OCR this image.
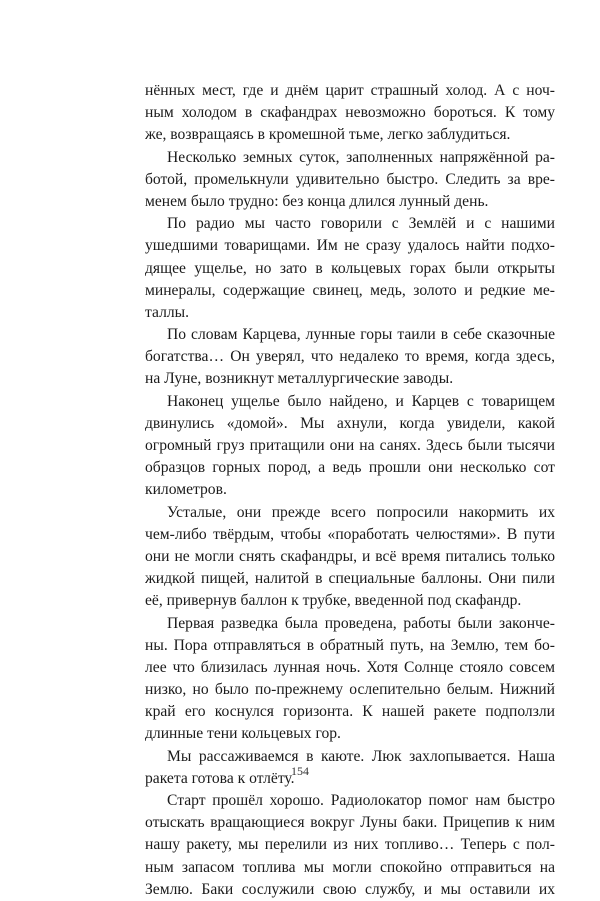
нённых мест, где и днём царит страшный холод. А с ноч-
ным холодом в скафандрах невозможно бороться. К тому
же, возвращаясь в кромешной тьме, легко заблудиться.
Несколько земных суток, заполненных напряжённой ра-
ботой, промелькнули удивительно быстро. Следить за вре-
менем было трудно: без конца длился лунный день.
По радио мы часто говорили с Землёй и с нашими
ушедшими товарищами. Им не сразу удалось найти подхо-
дящее ущелье, но зато в кольцевых горах были открыты
минералы, содержащие свинец, медь, золото и редкие ме-
таллы.
По словам Карцева, лунные горы таили в себе сказочные
богатства… Он уверял, что недалеко то время, когда здесь,
на Луне, возникнут металлургические заводы.
Наконец ущелье было найдено, и Карцев с товарищем
двинулись «домой». Мы ахнули, когда увидели, какой
огромный груз притащили они на санях. Здесь были тысячи
образцов горных пород, а ведь прошли они несколько сот
километров.
Усталые, они прежде всего попросили накормить их
чем-либо твёрдым, чтобы «поработать челюстями». В пути
они не могли снять скафандры, и всё время питались только
жидкой пищей, налитой в специальные баллоны. Они пили
её, привернув баллон к трубке, введенной под скафандр.
Первая разведка была проведена, работы были закончe-
ны. Пора отправляться в обратный путь, на Землю, тем бо-
лее что близилась лунная ночь. Хотя Солнце стояло совсем
низко, но было по-прежнему ослепительно белым. Нижний
край его коснулся горизонта. К нашей ракете подползли
длинные тени кольцевых гор.
Мы рассаживаемся в каюте. Люк захлопывается. Наша
ракета готова к отлёту.
Старт прошёл хорошо. Радиолокатор помог нам быстро
отыскать вращающиеся вокруг Луны баки. Прицепив к ним
нашу ракету, мы перелили из них топливо… Теперь с пол-
ным запасом топлива мы могли спокойно отправиться на
Землю. Баки сослужили свою службу, и мы оставили их
154
